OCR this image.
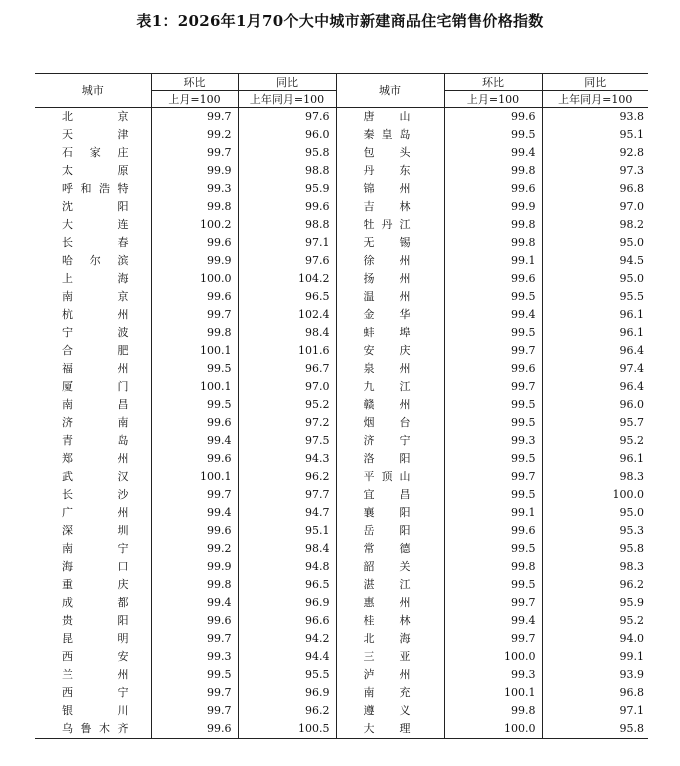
表1：2026年1月70个大中城市新建商品住宅销售价格指数
城市	环比	同比	城市	环比	同比
	上月=100	上年同月=100		上月=100	上年同月=100
北京	99.7	97.6	唐山	99.6	93.8
天津	99.2	96.0	秦皇岛	99.5	95.1
石家庄	99.7	95.8	包头	99.4	92.8
太原	99.9	98.8	丹东	99.8	97.3
呼和浩特	99.3	95.9	锦州	99.6	96.8
沈阳	99.8	99.6	吉林	99.9	97.0
大连	100.2	98.8	牡丹江	99.8	98.2
长春	99.6	97.1	无锡	99.8	95.0
哈尔滨	99.9	97.6	徐州	99.1	94.5
上海	100.0	104.2	扬州	99.6	95.0
南京	99.6	96.5	温州	99.5	95.5
杭州	99.7	102.4	金华	99.4	96.1
宁波	99.8	98.4	蚌埠	99.5	96.1
合肥	100.1	101.6	安庆	99.7	96.4
福州	99.5	96.7	泉州	99.6	97.4
厦门	100.1	97.0	九江	99.7	96.4
南昌	99.5	95.2	赣州	99.5	96.0
济南	99.6	97.2	烟台	99.5	95.7
青岛	99.4	97.5	济宁	99.3	95.2
郑州	99.6	94.3	洛阳	99.5	96.1
武汉	100.1	96.2	平顶山	99.7	98.3
长沙	99.7	97.7	宜昌	99.5	100.0
广州	99.4	94.7	襄阳	99.1	95.0
深圳	99.6	95.1	岳阳	99.6	95.3
南宁	99.2	98.4	常德	99.5	95.8
海口	99.9	94.8	韶关	99.8	98.3
重庆	99.8	96.5	湛江	99.5	96.2
成都	99.4	96.9	惠州	99.7	95.9
贵阳	99.6	96.6	桂林	99.4	95.2
昆明	99.7	94.2	北海	99.7	94.0
西安	99.3	94.4	三亚	100.0	99.1
兰州	99.5	95.5	泸州	99.3	93.9
西宁	99.7	96.9	南充	100.1	96.8
银川	99.7	96.2	遵义	99.8	97.1
乌鲁木齐	99.6	100.5	大理	100.0	95.8
